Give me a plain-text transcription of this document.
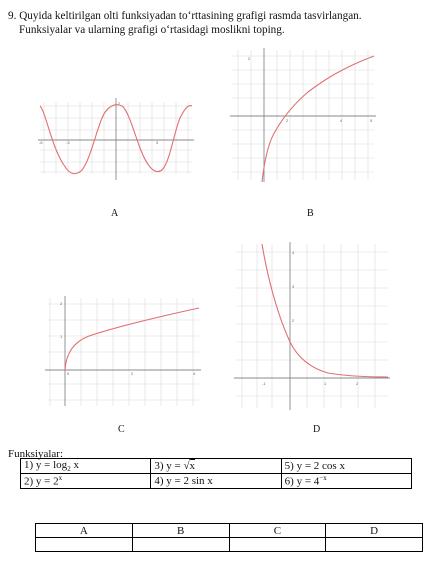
9. Quyida keltirilgan olti funksiyadan to‘rttasining grafigi rasmda tasvirlangan.
Funksiyalar va ularning grafigi o‘rtasidagi moslikni toping.
-6	-3
2
3
A
2
2	4	5
B
2
1
0	2	4
C
4
3
2
-1	1	2
D
Funksiyalar:
1) $y = \log_2 x$	3) y = √x	5) y = 2 cos x
2) $y = 2^x$	4) y = 2 sin x	6) $y = 4^{-x}$
A	B	C	D
